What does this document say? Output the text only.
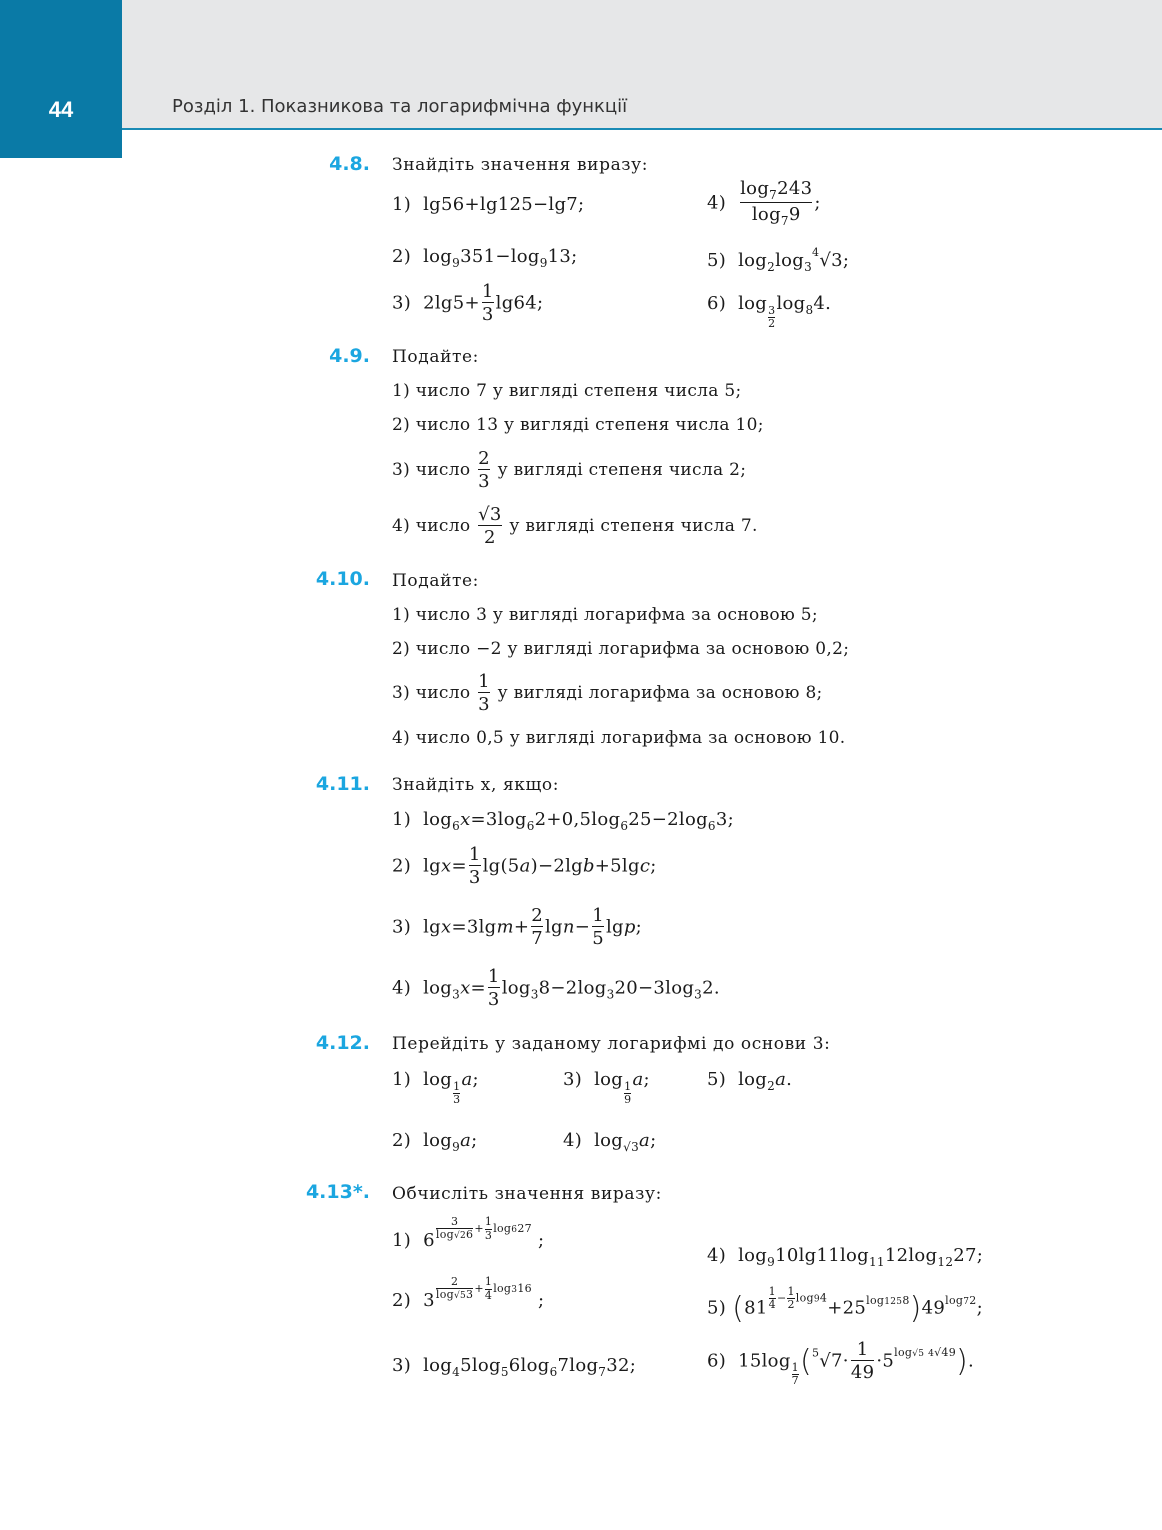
44	Розділ 1. Показникова та логарифмічна функції
4.8. Знайдіть значення виразу:
1)  lg56+lg125−lg7;	$4) \frac{\log_7243}{\log_79}$ ;
2)  $\log_9351-\log_913$;	5)  $\log_2\log_3^4√3$;
3)  $2\lg 5+ \frac{1}{3} \lg 64$;	6)  log
$\frac{3}{2}$
$\log_84$.
4.9. Подайте:
1) число 7 у вигляді степеня числа 5;
2) число 13 у вигляді степеня числа 10;
3) число $\frac{2}{3}$ у вигляді степеня числа 2;
4) число $\frac{√3}{2}$ у вигляді степеня числа 7.
4.10. Подайте:
1) число 3 у вигляді логарифма за основою 5;
2) число −2 у вигляді логарифма за основою 0,2;
3) число $\frac{1}{3}$ у вигляді логарифма за основою 8;
4) число 0,5 у вигляді логарифма за основою 10.
4.11. Знайдіть x, якщо:
1)  $\log_6x=3\log_62+0,5\log_625-2\log_63$;
2)  $\lg x= \frac{1}{3} \lg(5a)-2\lg b+5\lg c$;
3)  $\lg x=3\lg m+ \frac{2}{7} \lg n- \frac{1}{5} \lg p$;
4)  $\log_3x= \frac{1}{3} \log_38-2\log_320-3\log_32$.
4.12. Перейдіть у заданому логарифмі до основи 3:
1)  log
$\frac{1}{3}$
a;	3)  log
$\frac{1}{9}$
a;	5)  $\log_2a$.
2)  $\log_9a$;	4)  $\log_{√3}a$;
4.13*. Обчисліть значення виразу:
1)  $6 \frac{3}{\log√26} + \frac{1}{3} \log 627$ ;
4)  $\log_910\lg 11\log_{11}12\log_{12}27$;
2)  $3 \frac{2}{\log√53} + \frac{1}{4} \log 316$ ;	5) $(81 \frac{1}{4} - \frac{1}{2} \log 94+25^{log1258})49^{log72}$;
3)  $\log_45\log_56\log_67\log_732$;	6)  15log
$\frac{1}{7} (^5√7\cdot \frac{1}{49} \cdot 5^{log√5 4√49})$.
